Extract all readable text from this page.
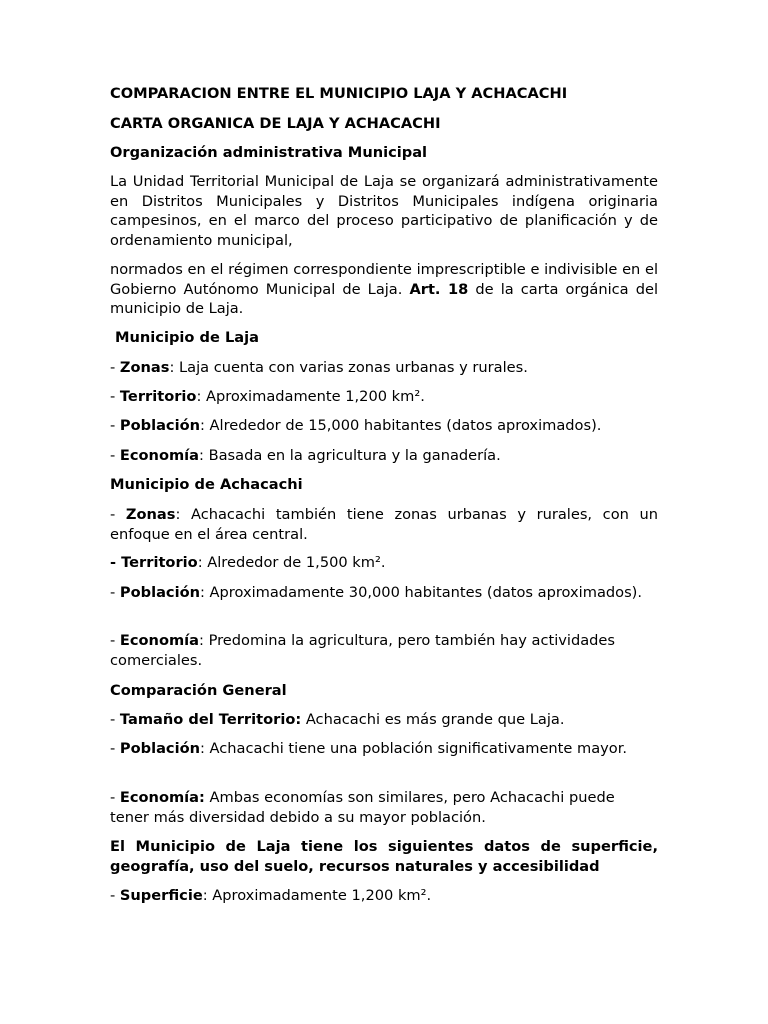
COMPARACION ENTRE EL MUNICIPIO LAJA Y ACHACACHI

CARTA ORGANICA DE LAJA Y ACHACACHI

Organización administrativa Municipal

La Unidad Territorial Municipal de Laja se organizará administrativamente en Distritos Municipales y Distritos Municipales indígena originaria campesinos, en el marco del proceso participativo de planificación y de ordenamiento municipal,

normados en el régimen correspondiente imprescriptible e indivisible en el Gobierno Autónomo Municipal de Laja. Art. 18 de la carta orgánica del municipio de Laja.

Municipio de Laja

- Zonas: Laja cuenta con varias zonas urbanas y rurales.

- Territorio: Aproximadamente 1,200 km².

- Población: Alrededor de 15,000 habitantes (datos aproximados).

- Economía: Basada en la agricultura y la ganadería.

Municipio de Achacachi

- Zonas: Achacachi también tiene zonas urbanas y rurales, con un enfoque en el área central.

- Territorio: Alrededor de 1,500 km².

- Población: Aproximadamente 30,000 habitantes (datos aproximados).

- Economía: Predomina la agricultura, pero también hay actividades comerciales.

Comparación General

- Tamaño del Territorio: Achacachi es más grande que Laja.

- Población: Achacachi tiene una población significativamente mayor.

- Economía: Ambas economías son similares, pero Achacachi puede tener más diversidad debido a su mayor población.

El Municipio de Laja tiene los siguientes datos de superficie, geografía, uso del suelo, recursos naturales y accesibilidad

- Superficie: Aproximadamente 1,200 km².
